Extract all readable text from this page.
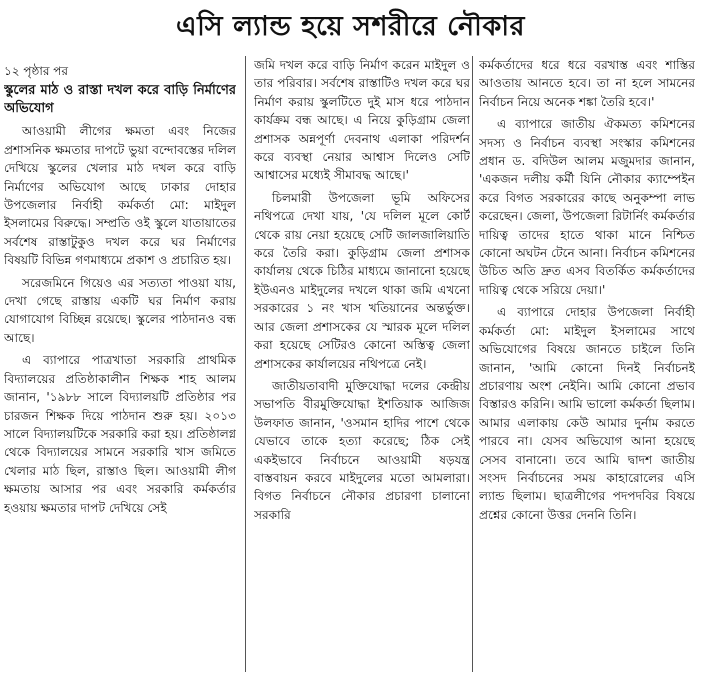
এসি ল্যান্ড হয়ে সশরীরে নৌকার
১২ পৃষ্ঠার পর

স্কুলের মাঠ ও রাস্তা দখল করে বাড়ি নির্মাণের অভিযোগ

আওয়ামী লীগের ক্ষমতা এবং নিজের প্রশাসনিক ক্ষমতার দাপটে ভুয়া বন্দোবস্তের দলিল দেখিয়ে স্কুলের খেলার মাঠ দখল করে বাড়ি নির্মাণের অভিযোগ আছে ঢাকার দোহার উপজেলার নির্বাহী কর্মকর্তা মো: মাইদুল ইসলামের বিরুদ্ধে। সম্প্রতি ওই স্কুলে যাতায়াতের সর্বশেষ রাস্তাটুকুও দখল করে ঘর নির্মাণের বিষয়টি বিভিন্ন গণমাধ্যমে প্রকাশ ও প্রচারিত হয়।

সরেজমিনে গিয়েও এর সত্যতা পাওয়া যায়, দেখা গেছে রাস্তায় একটি ঘর নির্মাণ করায় যোগাযোগ বিচ্ছিন্ন রয়েছে। স্কুলের পাঠদানও বন্ধ আছে।

এ ব্যাপারে পাত্রখাতা সরকারি প্রাথমিক বিদ্যালয়ের প্রতিষ্ঠাকালীন শিক্ষক শাহ আলম জানান, '১৯৮৮ সালে বিদ্যালয়টি প্রতিষ্ঠার পর চারজন শিক্ষক দিয়ে পাঠদান শুরু হয়। ২০১৩ সালে বিদ্যালয়টিকে সরকারি করা হয়। প্রতিষ্ঠালগ্ন থেকে বিদ্যালয়ের সামনে সরকারি খাস জমিতে খেলার মাঠ ছিল, রাস্তাও ছিল। আওয়ামী লীগ ক্ষমতায় আসার পর এবং সরকারি কর্মকর্তার হওয়ায় ক্ষমতার দাপট দেখিয়ে সেই

জমি দখল করে বাড়ি নির্মাণ করেন মাইদুল ও তার পরিবার। সর্বশেষ রাস্তাটিও দখল করে ঘর নির্মাণ করায় স্কুলটিতে দুই মাস ধরে পাঠদান কার্যক্রম বন্ধ আছে। এ নিয়ে কুড়িগ্রাম জেলা প্রশাসক অন্নপূর্ণা দেবনাথ এলাকা পরিদর্শন করে ব্যবস্থা নেয়ার আশ্বাস দিলেও সেটি আশ্বাসের মধ্যেই সীমাবদ্ধ আছে।'

চিলমারী উপজেলা ভূমি অফিসের নথিপত্রে দেখা যায়, 'যে দলিল মূলে কোর্ট থেকে রায় নেয়া হয়েছে সেটি জালজালিয়াতি করে তৈরি করা। কুড়িগ্রাম জেলা প্রশাসক কার্যালয় থেকে চিঠির মাধ্যমে জানানো হয়েছে ইউএনও মাইদুলের দখলে থাকা জমি এখনো সরকারের ১ নং খাস খতিয়ানের অন্তর্ভুক্ত। আর জেলা প্রশাসকের যে স্মারক মূলে দলিল করা হয়েছে সেটিরও কোনো অস্তিত্ব জেলা প্রশাসকের কার্যালয়ের নথিপত্রে নেই।

জাতীয়তাবাদী মুক্তিযোদ্ধা দলের কেন্দ্রীয় সভাপতি বীরমুক্তিযোদ্ধা ইশতিয়াক আজিজ উলফাত জানান, 'ওসমান হাদির পাশে থেকে যেভাবে তাকে হত্যা করেছে; ঠিক সেই একইভাবে নির্বাচনে আওয়ামী ষড়যন্ত্র বাস্তবায়ন করবে মাইদুলের মতো আমলারা। বিগত নির্বাচনে নৌকার প্রচারণা চালানো সরকারি

কর্মকর্তাদের ধরে ধরে বরখাস্ত এবং শাস্তির আওতায় আনতে হবে। তা না হলে সামনের নির্বাচন নিয়ে অনেক শঙ্কা তৈরি হবে।'

এ ব্যাপারে জাতীয় ঐকমত্য কমিশনের সদস্য ও নির্বাচন ব্যবস্থা সংস্কার কমিশনের প্রধান ড. বদিউল আলম মজুমদার জানান, 'একজন দলীয় কর্মী যিনি নৌকার ক্যাম্পেইন করে বিগত সরকারের কাছে অনুকম্পা লাভ করেছেন। জেলা, উপজেলা রিটার্নিং কর্মকর্তার দায়িত্ব তাদের হাতে থাকা মানে নিশ্চিত কোনো অঘটন টেনে আনা। নির্বাচন কমিশনের উচিত অতি দ্রুত এসব বিতর্কিত কর্মকর্তাদের দায়িত্ব থেকে সরিয়ে দেয়া।'

এ ব্যাপারে দোহার উপজেলা নির্বাহী কর্মকর্তা মো: মাইদুল ইসলামের সাথে অভিযোগের বিষয়ে জানতে চাইলে তিনি জানান, 'আমি কোনো দিনই নির্বাচনই প্রচারণায় অংশ নেইনি। আমি কোনো প্রভাব বিস্তারও করিনি। আমি ভালো কর্মকর্তা ছিলাম। আমার এলাকায় কেউ আমার দুর্নাম করতে পারবে না। যেসব অভিযোগ আনা হয়েছে সেসব বানানো। তবে আমি দ্বাদশ জাতীয় সংসদ নির্বাচনের সময় কাহারোলের এসি ল্যান্ড ছিলাম। ছাত্রলীগের পদপদবির বিষয়ে প্রশ্নের কোনো উত্তর দেননি তিনি।
